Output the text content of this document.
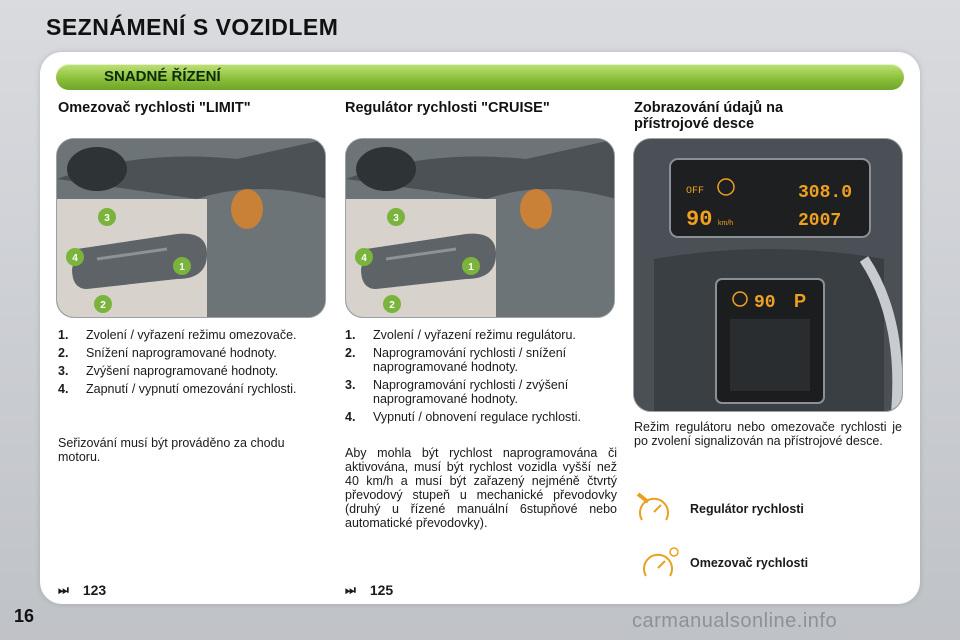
SEZNÁMENÍ S VOZIDLEM
SNADNÉ ŘÍZENÍ
Omezovač rychlosti "LIMIT"
3
4
1
2
1.	Zvolení / vyřazení režimu omezovače.
2.	Snížení naprogramované hodnoty.
3.	Zvýšení naprogramované hodnoty.
4.	Zapnutí / vypnutí omezování rychlosti.
Seřizování musí být prováděno za chodu motoru.
⏭ 123
Regulátor rychlosti "CRUISE"
3
4
1
2
1.	Zvolení / vyřazení režimu regulátoru.
2.	Naprogramování rychlosti / snížení naprogramované hodnoty.
3.	Naprogramování rychlosti / zvýšení naprogramované hodnoty.
4.	Vypnutí / obnovení regulace rychlosti.
Aby mohla být rychlost naprogramována či aktivována, musí být rychlost vozidla vyšší než 40 km/h a musí být zařazený nejméně čtvrtý převodový stupeň u mechanické převodovky (druhý u řízené manuální 6stupňové nebo automatické převodovky).
⏭ 125
Zobrazování údajů na
přístrojové desce
OFF
90 km/h
308.0
2007
90 P
Režim regulátoru nebo omezovače rychlosti je po zvolení signalizován na přístrojové desce.
Regulátor rychlosti
Omezovač rychlosti
16	carmanualsonline.info
